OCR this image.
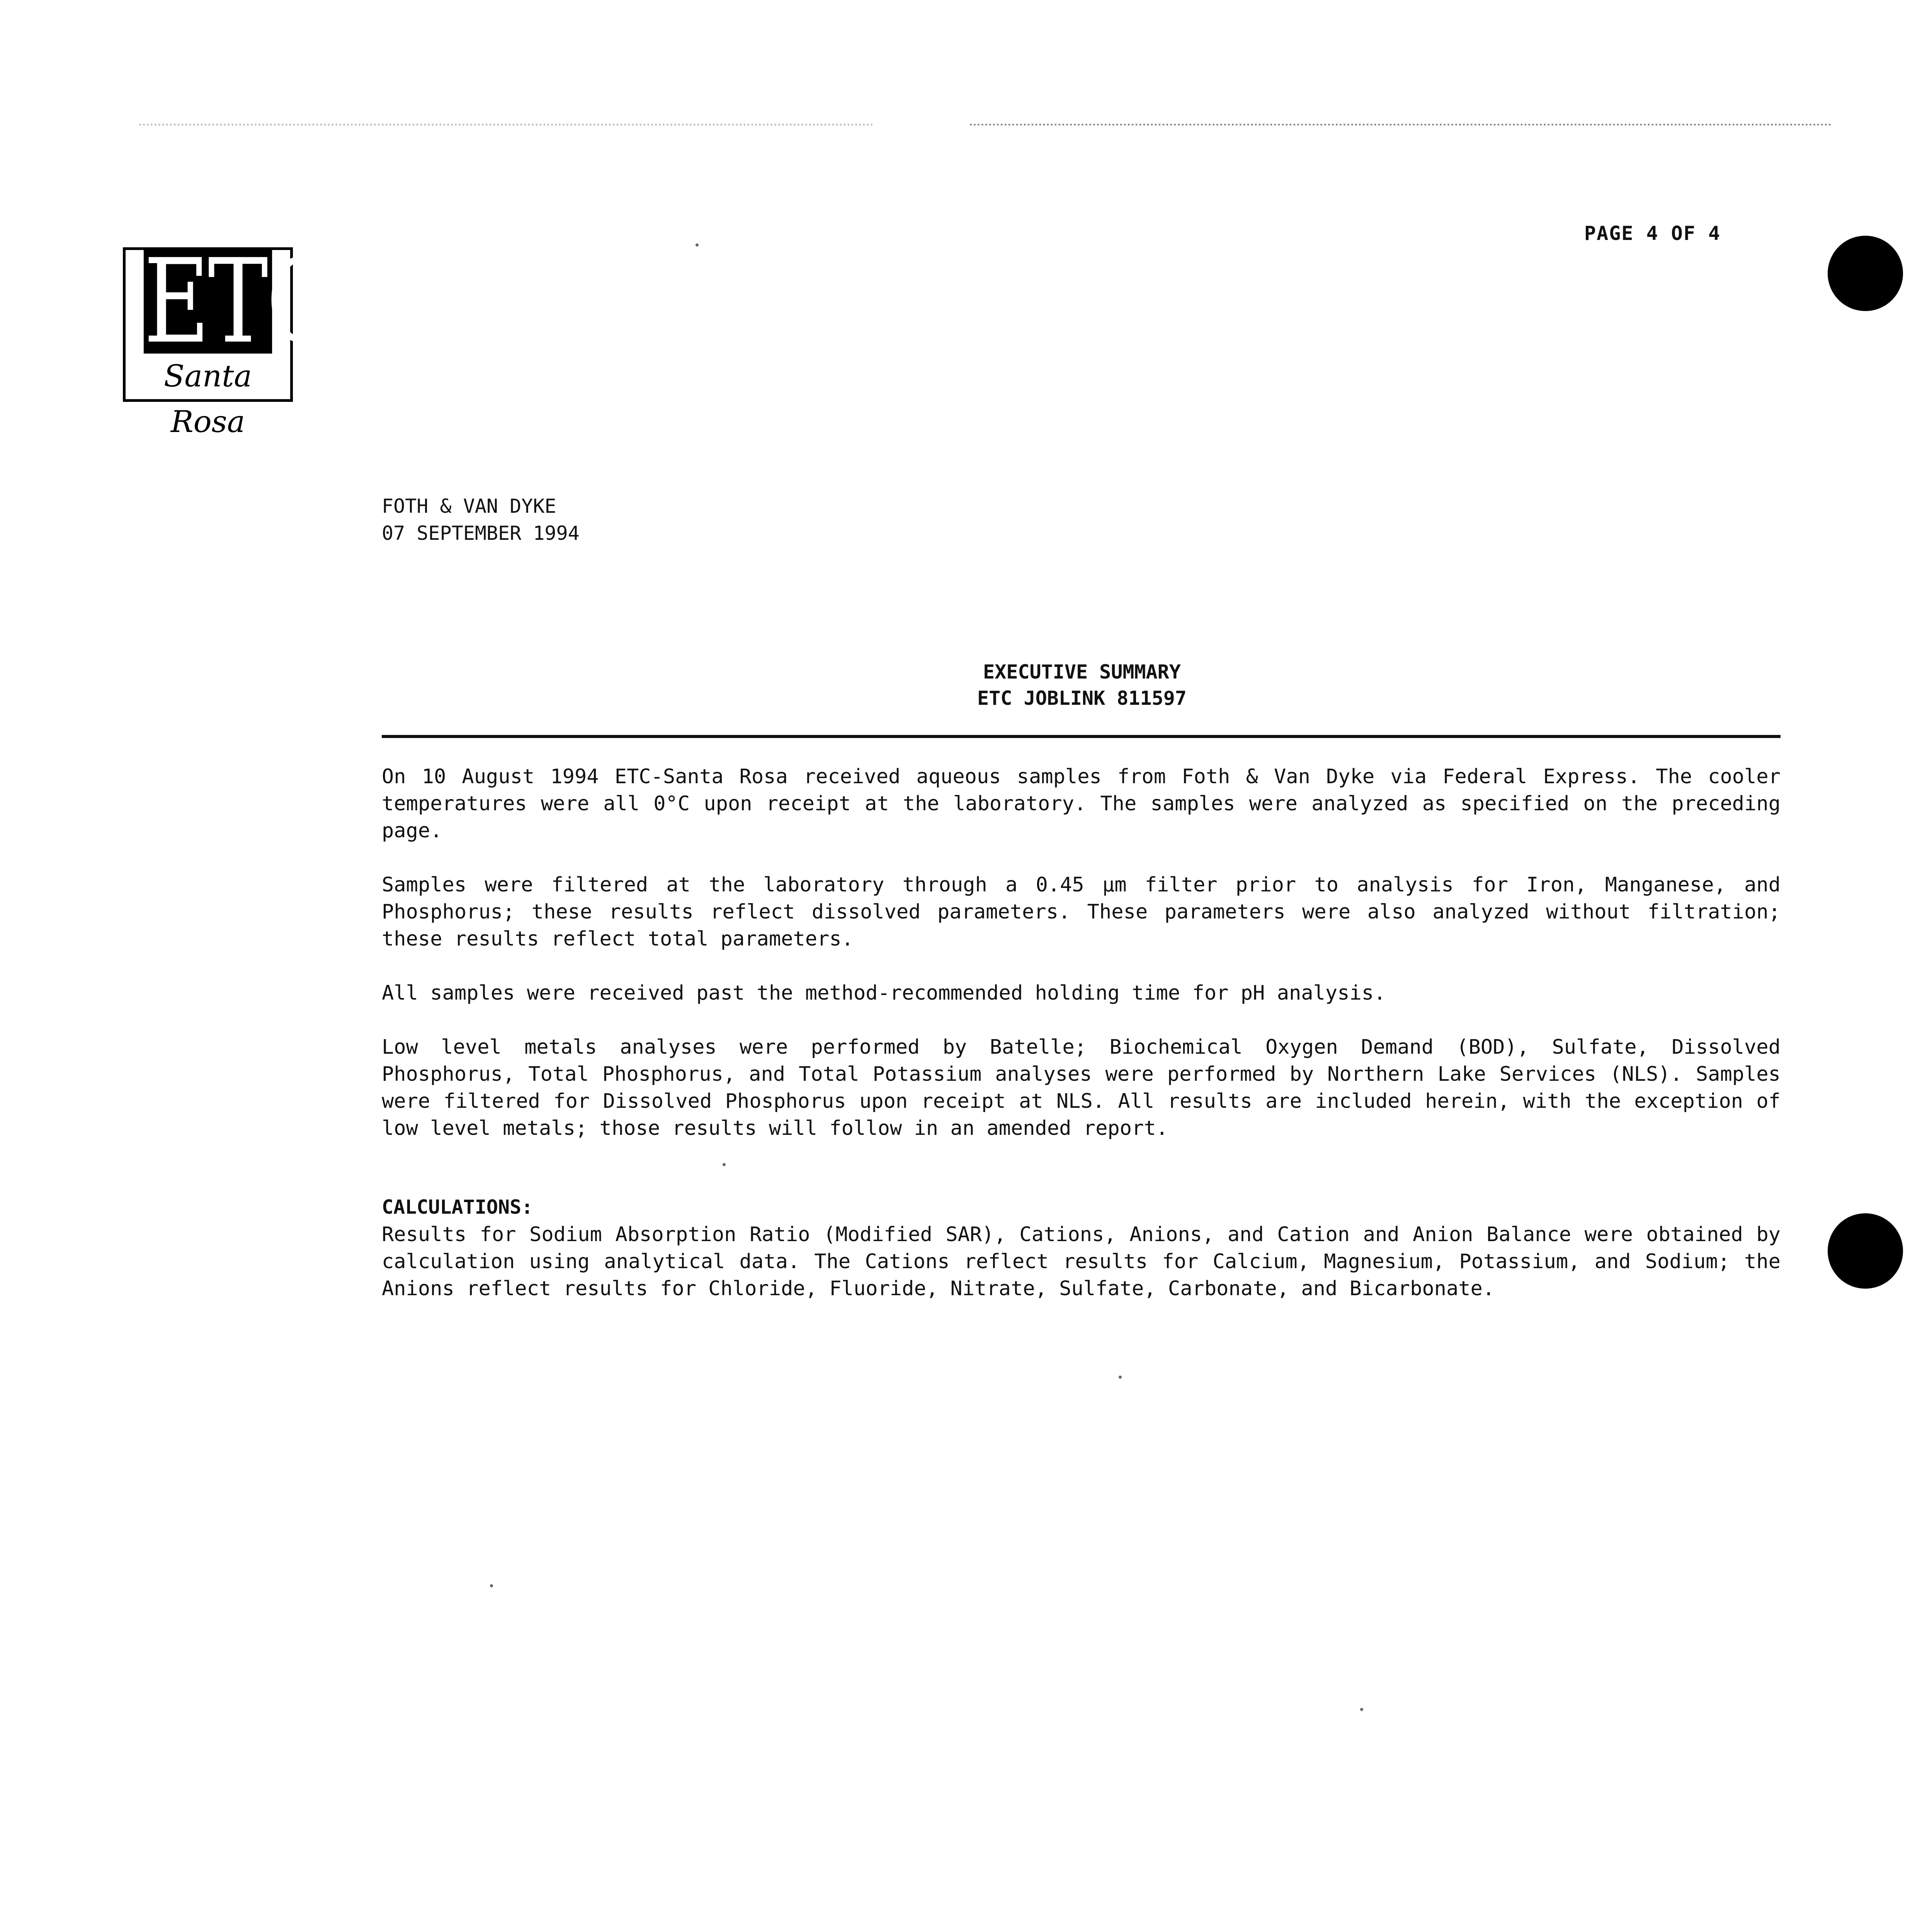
PAGE 4 OF 4
ETC
Santa Rosa
FOTH & VAN DYKE
07 SEPTEMBER 1994
EXECUTIVE SUMMARY
ETC JOBLINK 811597

On 10 August 1994 ETC-Santa Rosa received aqueous samples from Foth & Van Dyke via Federal Express. The cooler temperatures were all 0°C upon receipt at the laboratory. The samples were analyzed as specified on the preceding page.

Samples were filtered at the laboratory through a 0.45 µm filter prior to analysis for Iron, Manganese, and Phosphorus; these results reflect dissolved parameters. These parameters were also analyzed without filtration; these results reflect total parameters.

All samples were received past the method-recommended holding time for pH analysis.

Low level metals analyses were performed by Batelle; Biochemical Oxygen Demand (BOD), Sulfate, Dissolved Phosphorus, Total Phosphorus, and Total Potassium analyses were performed by Northern Lake Services (NLS). Samples were filtered for Dissolved Phosphorus upon receipt at NLS. All results are included herein, with the exception of low level metals; those results will follow in an amended report.

CALCULATIONS:

Results for Sodium Absorption Ratio (Modified SAR), Cations, Anions, and Cation and Anion Balance were obtained by calculation using analytical data. The Cations reflect results for Calcium, Magnesium, Potassium, and Sodium; the Anions reflect results for Chloride, Fluoride, Nitrate, Sulfate, Carbonate, and Bicarbonate.
